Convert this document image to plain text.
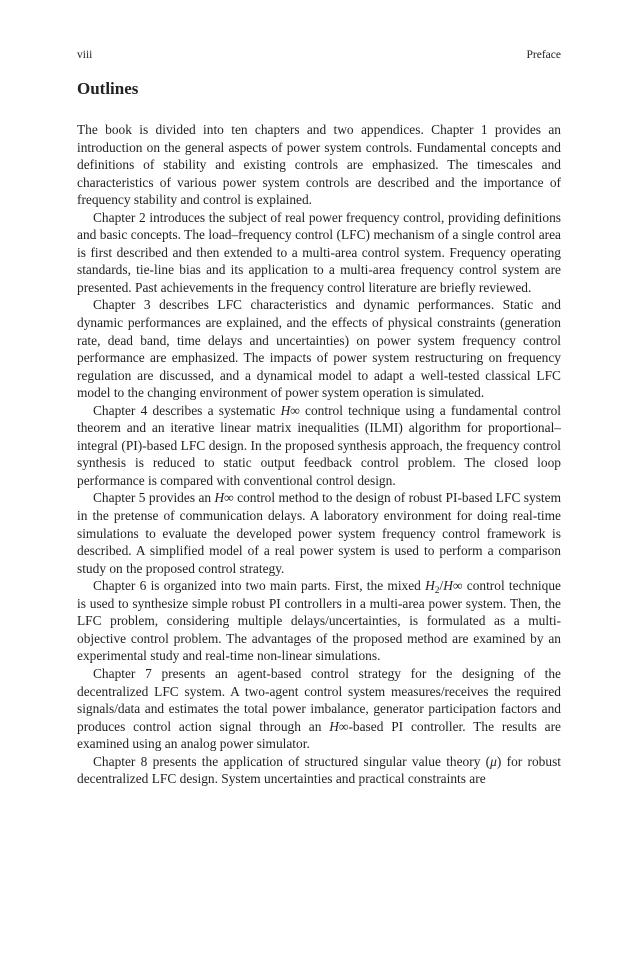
viii	Preface
Outlines

The book is divided into ten chapters and two appendices. Chapter 1 provides an introduction on the general aspects of power system controls. Fundamental concepts and definitions of stability and existing controls are emphasized. The timescales and characteristics of various power system controls are described and the importance of frequency stability and control is explained.

Chapter 2 introduces the subject of real power frequency control, providing definitions and basic concepts. The load–frequency control (LFC) mechanism of a single control area is first described and then extended to a multi-area control system. Frequency operating standards, tie-line bias and its application to a multi-area frequency control system are presented. Past achievements in the frequency control literature are briefly reviewed.

Chapter 3 describes LFC characteristics and dynamic performances. Static and dynamic performances are explained, and the effects of physical constraints (generation rate, dead band, time delays and uncertainties) on power system frequency control performance are emphasized. The impacts of power system restructuring on frequency regulation are discussed, and a dynamical model to adapt a well-tested classical LFC model to the changing environment of power system operation is simulated.

Chapter 4 describes a systematic H∞ control technique using a fundamental control theorem and an iterative linear matrix inequalities (ILMI) algorithm for proportional–integral (PI)-based LFC design. In the proposed synthesis approach, the frequency control synthesis is reduced to static output feedback control problem. The closed loop performance is compared with conventional control design.

Chapter 5 provides an H∞ control method to the design of robust PI-based LFC system in the pretense of communication delays. A laboratory environment for doing real-time simulations to evaluate the developed power system frequency control framework is described. A simplified model of a real power system is used to perform a comparison study on the proposed control strategy.

Chapter 6 is organized into two main parts. First, the mixed $H_2/H\infty$ control technique is used to synthesize simple robust PI controllers in a multi-area power system. Then, the LFC problem, considering multiple delays/uncertainties, is formulated as a multi-objective control problem. The advantages of the proposed method are examined by an experimental study and real-time non-linear simulations.

Chapter 7 presents an agent-based control strategy for the designing of the decentralized LFC system. A two-agent control system measures/receives the required signals/data and estimates the total power imbalance, generator participation factors and produces control action signal through an H∞-based PI controller. The results are examined using an analog power simulator.

Chapter 8 presents the application of structured singular value theory (μ) for robust decentralized LFC design. System uncertainties and practical constraints are
